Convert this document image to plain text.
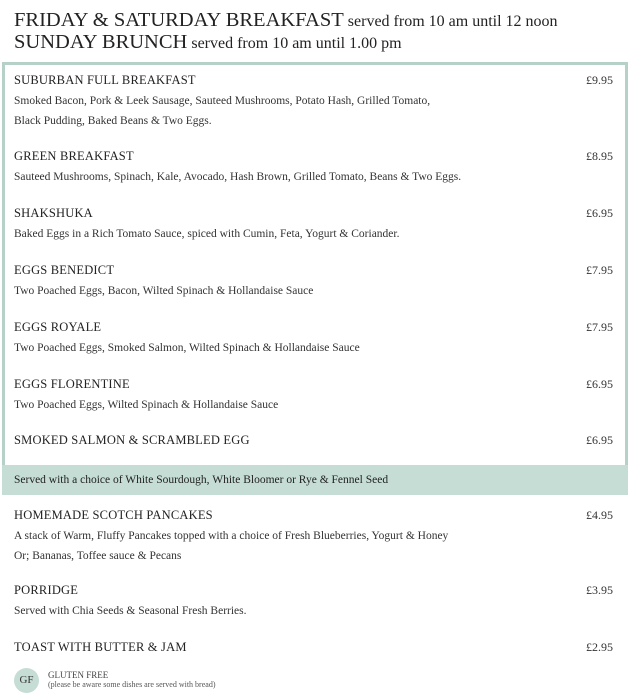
FRIDAY & SATURDAY BREAKFAST served from 10 am until 12 noon
SUNDAY BRUNCH served from 10 am until 1.00 pm
Served with a choice of White Sourdough, White Bloomer or Rye & Fennel Seed
SUBURBAN FULL BREAKFAST
Smoked Bacon, Pork & Leek Sausage, Sauteed Mushrooms, Potato Hash, Grilled Tomato,
Black Pudding, Baked Beans & Two Eggs.
£9.95
GREEN BREAKFAST
Sauteed Mushrooms, Spinach, Kale, Avocado, Hash Brown, Grilled Tomato, Beans & Two Eggs.
£8.95
SHAKSHUKA
Baked Eggs in a Rich Tomato Sauce, spiced with Cumin, Feta, Yogurt & Coriander.
£6.95
EGGS BENEDICT
Two Poached Eggs, Bacon, Wilted Spinach & Hollandaise Sauce
£7.95
EGGS ROYALE
Two Poached Eggs, Smoked Salmon, Wilted Spinach & Hollandaise Sauce
£7.95
EGGS FLORENTINE
Two Poached Eggs, Wilted Spinach & Hollandaise Sauce
£6.95
SMOKED SALMON & SCRAMBLED EGG	£6.95
HOMEMADE SCOTCH PANCAKES
A stack of Warm, Fluffy Pancakes topped with a choice of Fresh Blueberries, Yogurt & Honey
Or; Bananas, Toffee sauce & Pecans
£4.95
PORRIDGE
Served with Chia Seeds & Seasonal Fresh Berries.
£3.95
TOAST WITH BUTTER & JAM	£2.95
GF	GLUTEN FREE
(please be aware some dishes are served with bread)
